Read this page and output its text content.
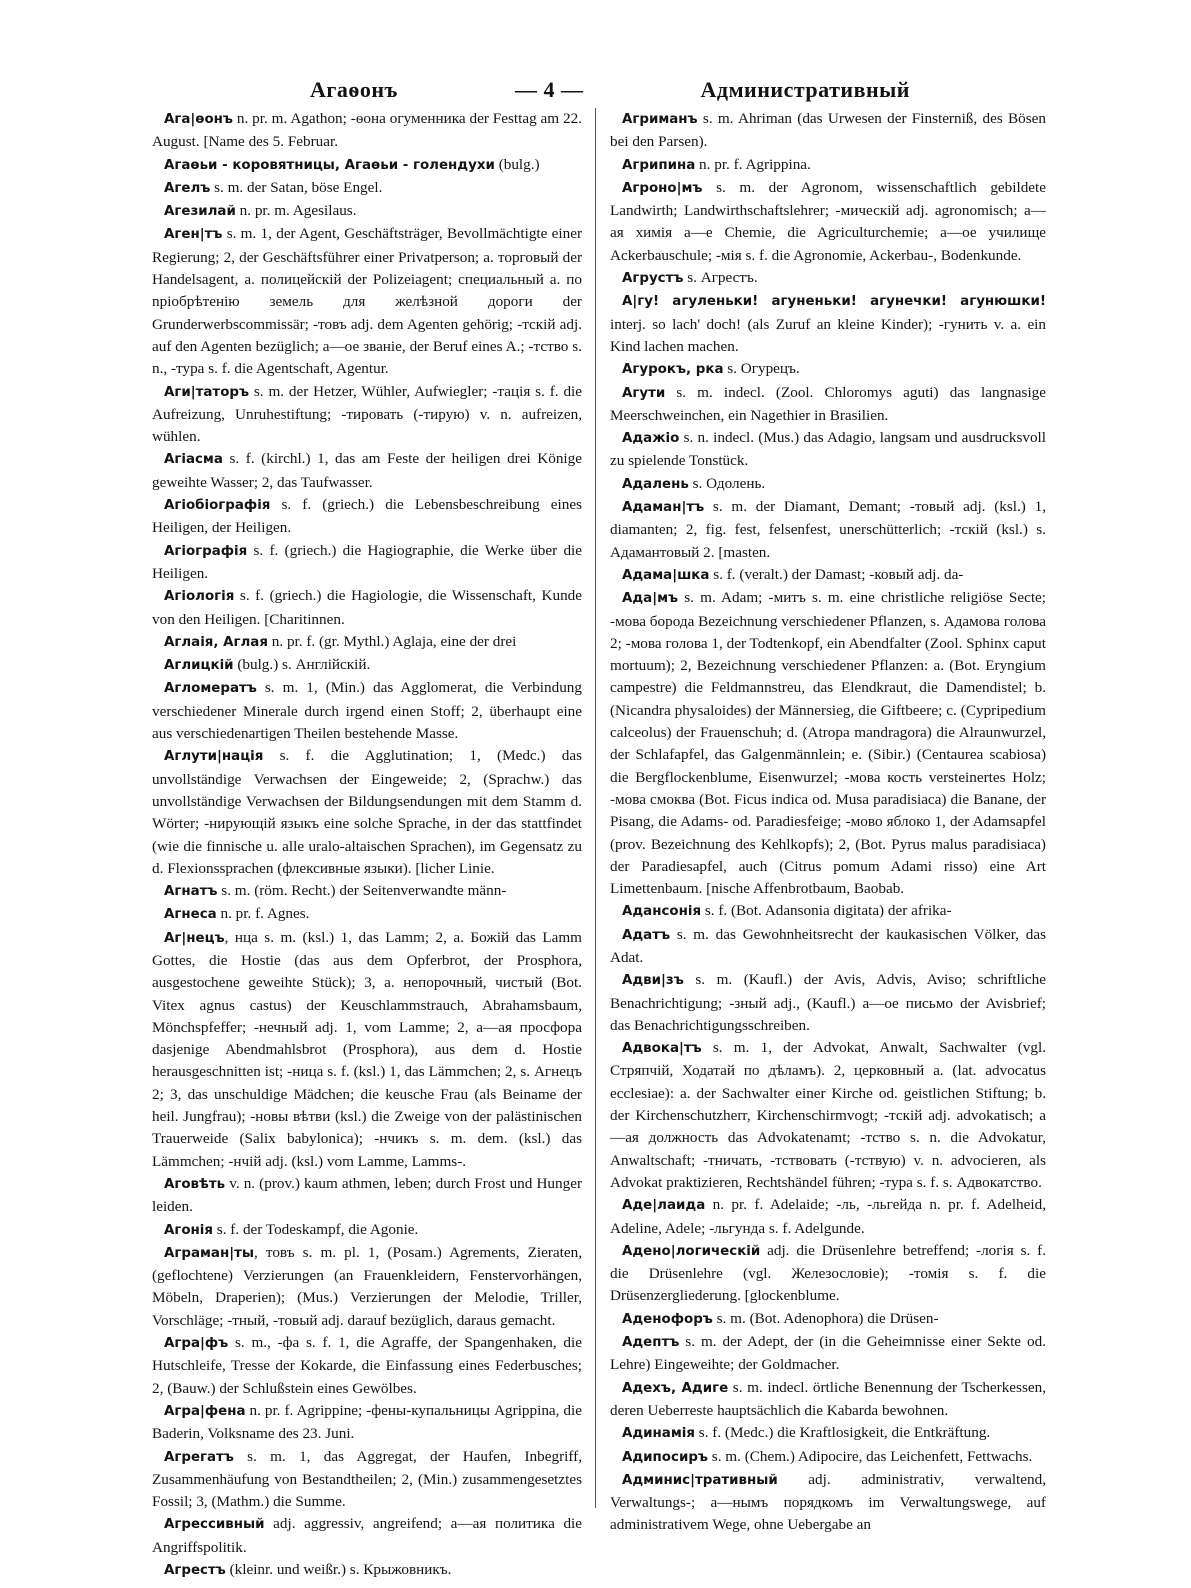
Агаѳонъ	— 4 —	Административный

Ага|ѳонъ n. pr. m. Agathon; -ѳона огуменника der Festtag am 22. August. [Name des 5. Februar.

Агаѳьи - коровятницы, Агаѳьи - голендухи (bulg.)

Агелъ s. m. der Satan, böse Engel.

Агезилай n. pr. m. Agesilaus.

Аген|тъ s. m. 1, der Agent, Geschäftsträger, Bevollmächtigte einer Regierung; 2, der Geschäftsführer einer Privatperson; a. торговый der Handelsagent, a. полицейскій der Polizeiagent; специальный a. по npioбрѣтенію земель для желѣзной дороги der Grunderwerbscommissär; -товъ adj. dem Agenten gehörig; -тскій adj. auf den Agenten bezüglich; a—ое званіе, der Beruf eines A.; -тство s. n., -тура s. f. die Agentschaft, Agentur.

Аги|таторъ s. m. der Hetzer, Wühler, Aufwiegler; -тація s. f. die Aufreizung, Unruhestiftung; -тировать (-тирую) v. n. aufreizen, wühlen.

Агіасма s. f. (kirchl.) 1, das am Feste der heiligen drei Könige geweihte Wasser; 2, das Taufwasser.

Агіобіографія s. f. (griech.) die Lebensbeschreibung eines Heiligen, der Heiligen.

Агіографія s. f. (griech.) die Hagiographie, die Werke über die Heiligen.

Агіологія s. f. (griech.) die Hagiologie, die Wissenschaft, Kunde von den Heiligen. [Charitinnen.

Аглаія, Аглая n. pr. f. (gr. Mythl.) Aglaja, eine der drei

Аглицкій (bulg.) s. Англійскій.

Агломератъ s. m. 1, (Min.) das Agglomerat, die Verbindung verschiedener Minerale durch irgend einen Stoff; 2, überhaupt eine aus verschiedenartigen Theilen bestehende Masse.

Аглути|нація s. f. die Agglutination; 1, (Medc.) das unvollständige Verwachsen der Eingeweide; 2, (Sprachw.) das unvollständige Verwachsen der Bildungsendungen mit dem Stamm d. Wörter; -нирующій языкъ eine solche Sprache, in der das stattfindet (wie die finnische u. alle uralo-altaischen Sprachen), im Gegensatz zu d. Flexionssprachen (флексивные языки). [licher Linie.

Агнатъ s. m. (röm. Recht.) der Seitenverwandte männ-

Агнеса n. pr. f. Agnes.

Аг|нецъ, нца s. m. (ksl.) 1, das Lamm; 2, a. Божій das Lamm Gottes, die Hostie (das aus dem Opferbrot, der Prosphora, ausgestochene geweihte Stück); 3, a. непорочный, чистый (Bot. Vitex agnus castus) der Keuschlammstrauch, Abrahamsbaum, Mönchspfeffer; -нечный adj. 1, vom Lamme; 2, a—ая просфора dasjenige Abendmahlsbrot (Prosphora), aus dem d. Hostie herausgeschnitten ist; -ница s. f. (ksl.) 1, das Lämmchen; 2, s. Агнецъ 2; 3, das unschuldige Mädchen; die keusche Frau (als Beiname der heil. Jungfrau); -новы вѣтви (ksl.) die Zweige von der palästinischen Trauerweide (Salix babylonica); -нчикъ s. m. dem. (ksl.) das Lämmchen; -нчій adj. (ksl.) vom Lamme, Lamms-.

Аговѣть v. n. (prov.) kaum athmen, leben; durch Frost und Hunger leiden.

Агонія s. f. der Todeskampf, die Agonie.

Аграман|ты, товъ s. m. pl. 1, (Posam.) Agrements, Zieraten, (geflochtene) Verzierungen (an Frauenkleidern, Fenstervorhängen, Möbeln, Draperien); (Mus.) Verzierungen der Melodie, Triller, Vorschläge; -тный, -товый adj. darauf bezüglich, daraus gemacht.

Агра|фъ s. m., -фа s. f. 1, die Agraffe, der Spangenhaken, die Hutschleife, Tresse der Kokarde, die Einfassung eines Federbusches; 2, (Bauw.) der Schlußstein eines Gewölbes.

Агра|фена n. pr. f. Agrippine; -фены-купальницы Agrippina, die Baderin, Volksname des 23. Juni.

Агрегатъ s. m. 1, das Aggregat, der Haufen, Inbegriff, Zusammenhäufung von Bestandtheilen; 2, (Min.) zusammengesetztes Fossil; 3, (Mathm.) die Summe.

Агрессивный adj. aggressiv, angreifend; a—ая политика die Angriffspolitik.

Агрестъ (kleinr. und weißr.) s. Крыжовникъ.

Агриманъ s. m. Ahriman (das Urwesen der Finsterniß, des Bösen bei den Parsen).

Агрипина n. pr. f. Agrippina.

Агроно|мъ s. m. der Agronom, wissenschaftlich gebildete Landwirth; Landwirthschaftslehrer; -мическій adj. agronomisch; a—ая химія a—e Chemie, die Agriculturchemie; a—ое училище Ackerbauschule; -мія s. f. die Agronomie, Ackerbau-, Bodenkunde.

Агрустъ s. Агрестъ.

А|гу! агуленьки! агуненьки! агунечки! агунюшки! interj. so lach' doch! (als Zuruf an kleine Kinder); -гунить v. a. ein Kind lachen machen.

Агурокъ, рка s. Огурецъ.

Агути s. m. indecl. (Zool. Chloromys aguti) das langnasige Meerschweinchen, ein Nagethier in Brasilien.

Адажіо s. n. indecl. (Mus.) das Adagio, langsam und ausdrucksvoll zu spielende Tonstück.

Адалень s. Одолень.

Адаман|тъ s. m. der Diamant, Demant; -товый adj. (ksl.) 1, diamanten; 2, fig. fest, felsenfest, unerschütterlich; -тскій (ksl.) s. Адамантовый 2. [masten.

Адама|шка s. f. (veralt.) der Damast; -ковый adj. da-

Ада|мъ s. m. Adam; -митъ s. m. eine christliche religiöse Secte; -мова борода Bezeichnung verschiedener Pflanzen, s. Адамова голова 2; -мова голова 1, der Todtenkopf, ein Abendfalter (Zool. Sphinx caput mortuum); 2, Bezeichnung verschiedener Pflanzen: a. (Bot. Eryngium campestre) die Feldmannstreu, das Elendkraut, die Damendistel; b. (Nicandra physaloides) der Männersieg, die Giftbeere; c. (Cypripedium calceolus) der Frauenschuh; d. (Atropa mandragora) die Alraunwurzel, der Schlafapfel, das Galgenmännlein; e. (Sibir.) (Centaurea scabiosa) die Bergflockenblume, Eisenwurzel; -мова кость versteinertes Holz; -мова смоква (Bot. Ficus indica od. Musa paradisiaca) die Banane, der Pisang, die Adams- od. Paradiesfeige; -мово яблоко 1, der Adamsapfel (prov. Bezeichnung des Kehlkopfs); 2, (Bot. Pyrus malus paradisiaca) der Paradiesapfel, auch (Citrus pomum Adami risso) eine Art Limettenbaum. [nische Affenbrotbaum, Baobab.

Адансонія s. f. (Bot. Adansonia digitata) der afrika-

Адатъ s. m. das Gewohnheitsrecht der kaukasischen Völker, das Adat.

Адви|зъ s. m. (Kaufl.) der Avis, Advis, Aviso; schriftliche Benachrichtigung; -зный adj., (Kaufl.) a—oe письмо der Avisbrief; das Benachrichtigungsschreiben.

Адвока|тъ s. m. 1, der Advokat, Anwalt, Sachwalter (vgl. Стряпчій, Ходатай по дѣламъ). 2, церковный a. (lat. advocatus ecclesiae): a. der Sachwalter einer Kirche od. geistlichen Stiftung; b. der Kirchenschutzherr, Kirchenschirmvogt; -тскій adj. advokatisch; a—ая должность das Advokatenamt; -тство s. n. die Advokatur, Anwaltschaft; -тничать, -тствовать (-тствую) v. n. advocieren, als Advokat praktizieren, Rechtshändel führen; -тура s. f. s. Адвокатство.

Аде|лаида n. pr. f. Adelaide; -ль, -льгейда n. pr. f. Adelheid, Adeline, Adele; -льгунда s. f. Adelgunde.

Адено|логическій adj. die Drüsenlehre betreffend; -логія s. f. die Drüsenlehre (vgl. Железословіе); -томія s. f. die Drüsenzergliederung. [glockenblume.

Аденофоръ s. m. (Bot. Adenophora) die Drüsen-

Адептъ s. m. der Adept, der (in die Geheimnisse einer Sekte od. Lehre) Eingeweihte; der Goldmacher.

Адехъ, Адиге s. m. indecl. örtliche Benennung der Tscherkessen, deren Ueberreste hauptsächlich die Kabarda bewohnen.

Адинамія s. f. (Medc.) die Kraftlosigkeit, die Entkräftung.

Адипосиръ s. m. (Chem.) Adipocire, das Leichenfett, Fettwachs.

Админис|тративный adj. administrativ, verwaltend, Verwaltungs-; a—нымъ порядкомъ im Verwaltungswege, auf administrativem Wege, ohne Uebergabe an
